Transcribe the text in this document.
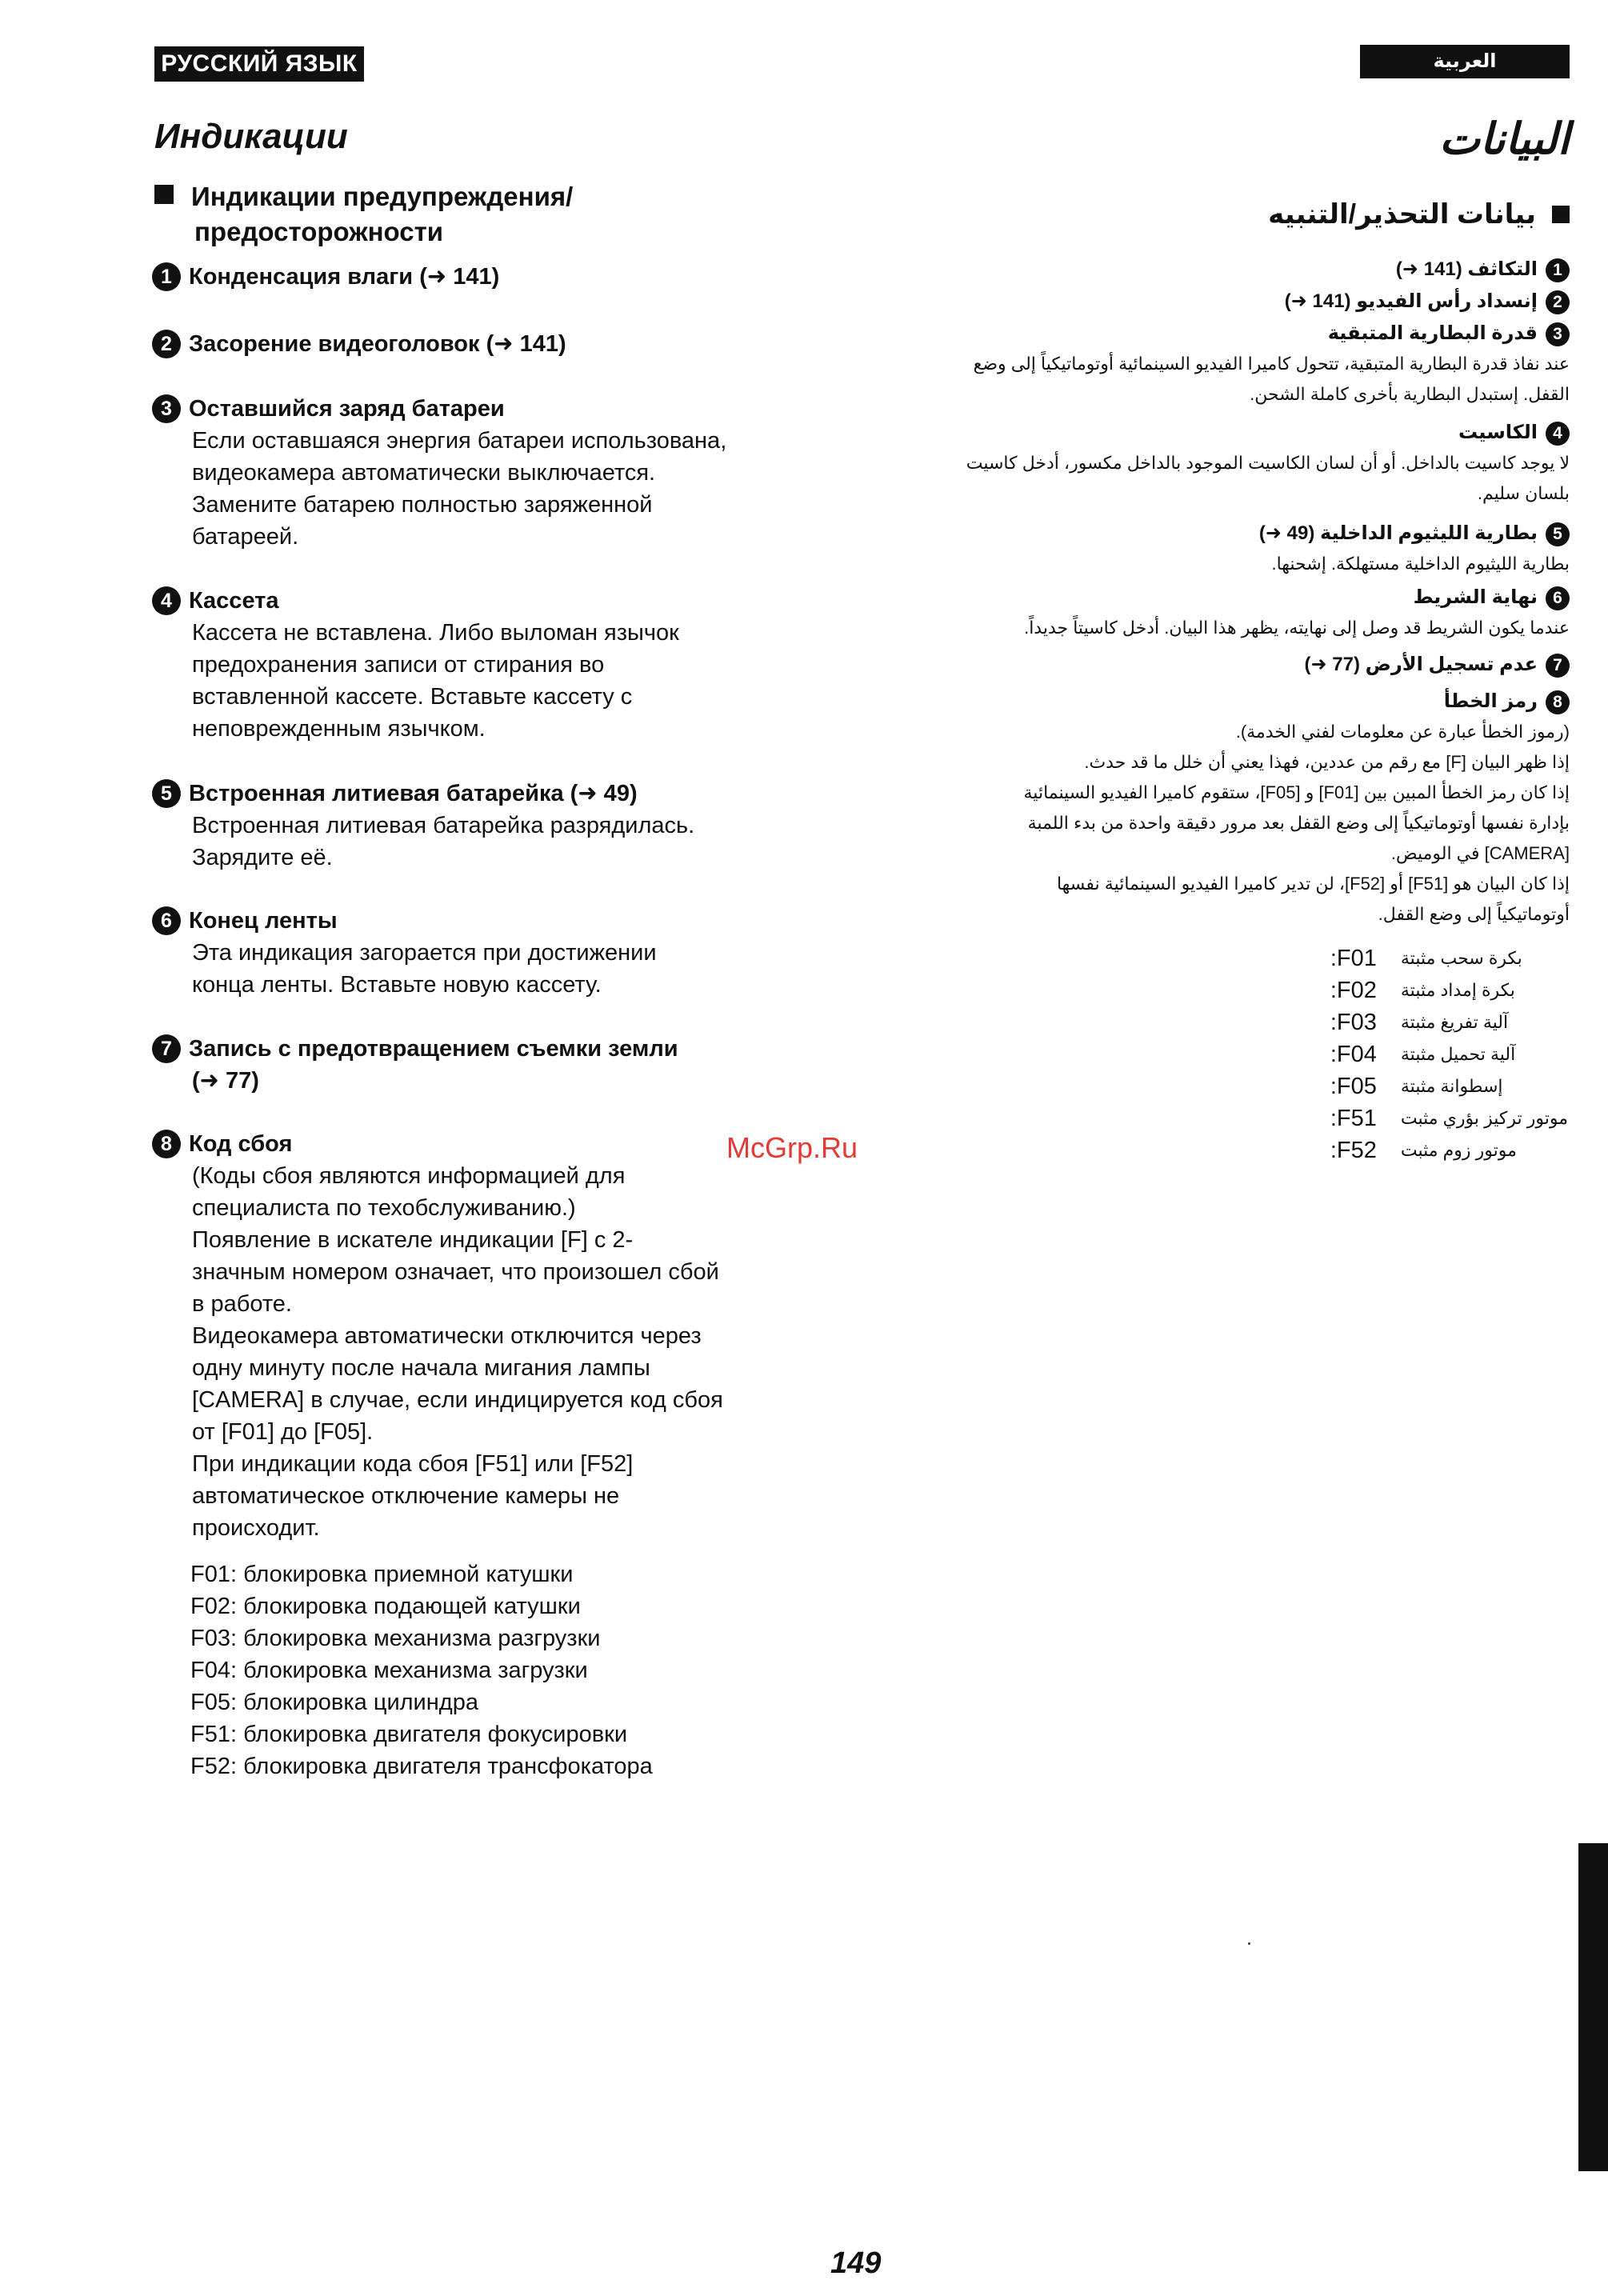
РУССКИЙ ЯЗЫК	العربية
Индикации
Индикации предупреждения/
предосторожности
1 Конденсация влаги (➜ 141)
2 Засорение видеоголовок (➜ 141)
3 Оставшийся заряд батареи
Если оставшаяся энергия батареи использована,
видеокамера автоматически выключается.
Замените батарею полностью заряженной
батареей.
4 Кассета
Кассета не вставлена. Либо выломан язычок
предохранения записи от стирания во
вставленной кассете. Вставьте кассету с
неповрежденным язычком.
5 Встроенная литиевая батарейка (➜ 49)
Встроенная литиевая батарейка разрядилась.
Зарядите её.
6 Конец ленты
Эта индикация загорается при достижении
конца ленты. Вставьте новую кассету.
7 Запись с предотвращением съемки земли
(➜ 77)
8 Код сбоя
(Коды сбоя являются информацией для
специалиста по техобслуживанию.)
Появление в искателе индикации [F] с 2-
значным номером означает, что произошел сбой
в работе.
Видеокамера автоматически отключится через
одну минуту после начала мигания лампы
[CAMERA] в случае, если индицируется код сбоя
от [F01] до [F05].
При индикации кода сбоя [F51] или [F52]
автоматическое отключение камеры не
происходит.
F01: блокировка приемной катушки
F02: блокировка подающей катушки
F03: блокировка механизма разгрузки
F04: блокировка механизма загрузки
F05: блокировка цилиндра
F51: блокировка двигателя фокусировки
F52: блокировка двигателя трансфокатора
البيانات
بيانات التحذير/التنبيه
1
التكاثف (141 ➜)
2
إنسداد رأس الفيديو (141 ➜)
3
قدرة البطارية المتبقية
عند نفاذ قدرة البطارية المتبقية، تتحول كاميرا الفيديو السينمائية أوتوماتيكياً إلى وضع
القفل. إستبدل البطارية بأخرى كاملة الشحن.
4
الكاسيت
لا يوجد كاسيت بالداخل. أو أن لسان الكاسيت الموجود بالداخل مكسور، أدخل كاسيت
بلسان سليم.
5
بطارية الليثيوم الداخلية (49 ➜)
بطارية الليثيوم الداخلية مستهلكة. إشحنها.
6
نهاية الشريط
عندما يكون الشريط قد وصل إلى نهايته، يظهر هذا البيان. أدخل كاسيتاً جديداً.
7
عدم تسجيل الأرض (77 ➜)
8
رمز الخطأ
(رموز الخطأ عبارة عن معلومات لفني الخدمة).
إذا ظهر البيان [F] مع رقم من عددين، فهذا يعني أن خلل ما قد حدث.
إذا كان رمز الخطأ المبين بين [F01] و [F05]، ستقوم كاميرا الفيديو السينمائية
بإدارة نفسها أوتوماتيكياً إلى وضع القفل بعد مرور دقيقة واحدة من بدء اللمبة
[CAMERA] في الوميض.
إذا كان البيان هو [F51] أو [F52]، لن تدير كاميرا الفيديو السينمائية نفسها
أوتوماتيكياً إلى وضع القفل.
بكرة سحب مثبتة
:F01
بكرة إمداد مثبتة
:F02
آلية تفريغ مثبتة
:F03
آلية تحميل مثبتة
:F04
إسطوانة مثبتة
:F05
موتور تركيز بؤري مثبت
:F51
موتور زوم مثبت
:F52
McGrp.Ru
149
